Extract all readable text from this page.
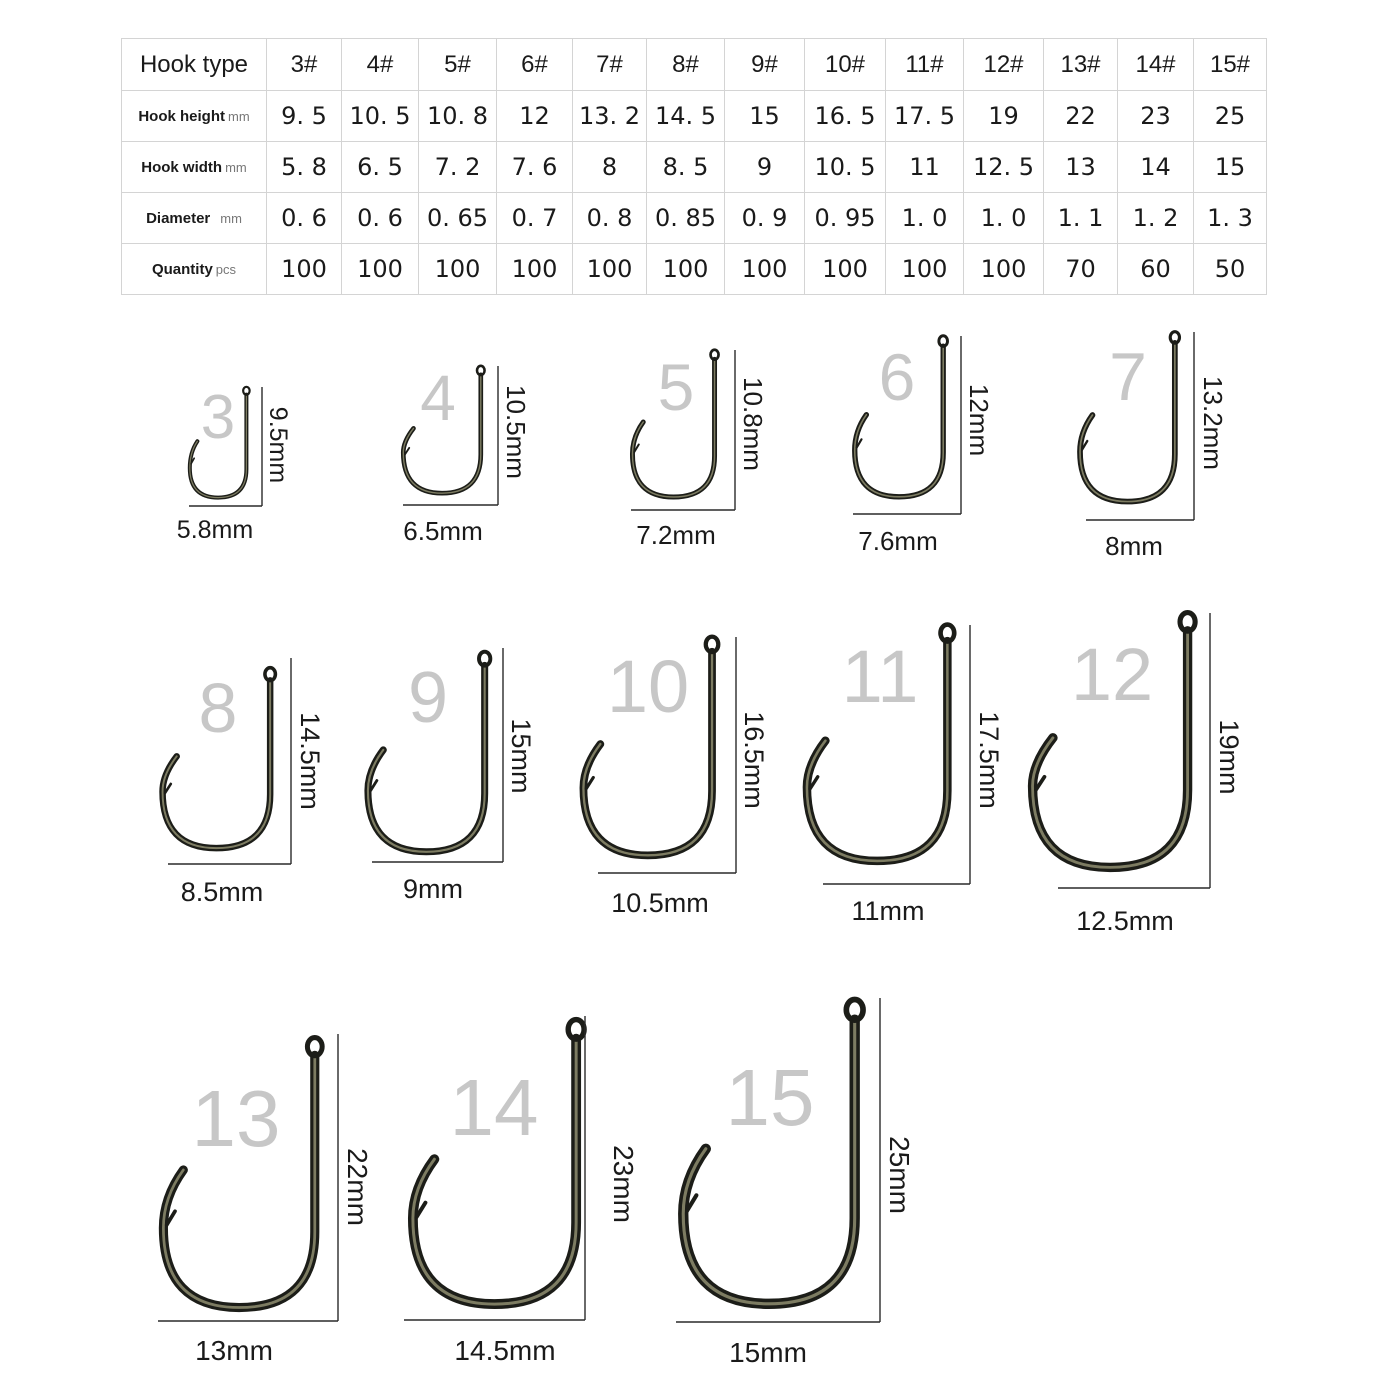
Hook type	3#	4#	5#	6#	7#	8#	9#	10#	11#	12#	13#	14#	15#
Hook height mm	9. 5	10. 5	10. 8	12	13. 2	14. 5	15	16. 5	17. 5	19	22	23	25
Hook width mm	5. 8	6. 5	7. 2	7. 6	8	8. 5	9	10. 5	11	12. 5	13	14	15
Diameter mm	0. 6	0. 6	0. 65	0. 7	0. 8	0. 85	0. 9	0. 95	1. 0	1. 0	1. 1	1. 2	1. 3
Quantity pcs	100	100	100	100	100	100	100	100	100	100	70	60	50
3 9.5mm
5.8mm
4 10.5mm
6.5mm
5 10.8mm
7.2mm
6
12mm
7.6mm
7 13.2mm
8mm
8
14.5mm
8.5mm
9
15mm
9mm
10
16.5mm
10.5mm
11
17.5mm
11mm
12
19mm
12.5mm
13
22mm
13mm
14
23mm
14.5mm
15
25mm
15mm
